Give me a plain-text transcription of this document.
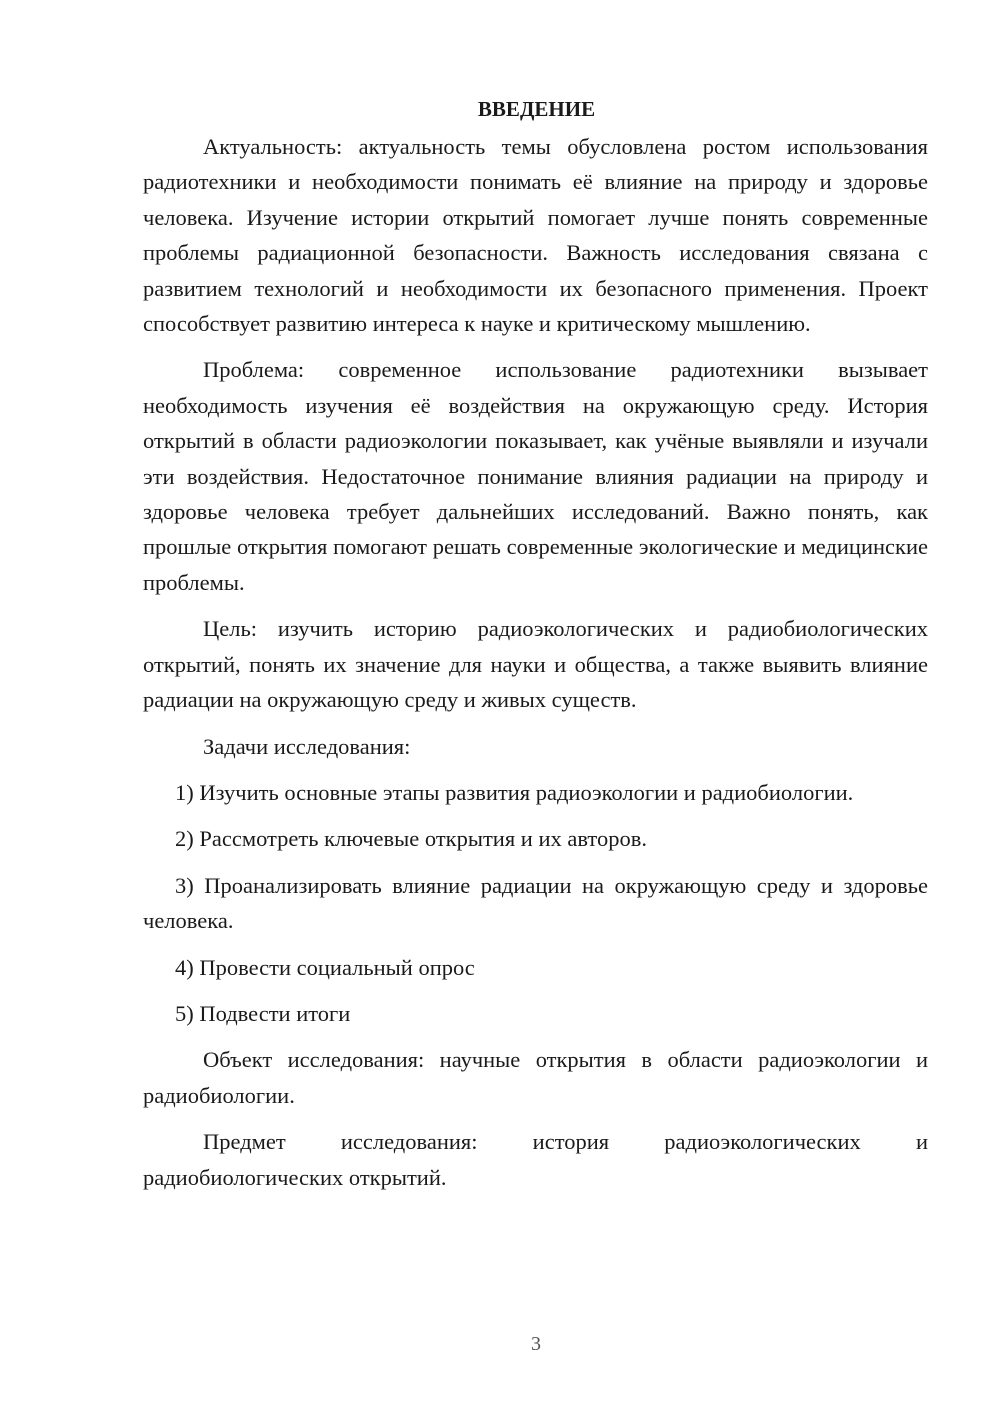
ВВЕДЕНИЕ

Актуальность: актуальность темы обусловлена ростом использования радиотехники и необходимости понимать её влияние на природу и здоровье человека. Изучение истории открытий помогает лучше понять современные проблемы радиационной безопасности. Важность исследования связана с развитием технологий и необходимости их безопасного применения. Проект способствует развитию интереса к науке и критическому мышлению.

Проблема: современное использование радиотехники вызывает необходимость изучения её воздействия на окружающую среду. История открытий в области радиоэкологии показывает, как учёные выявляли и изучали эти воздействия. Недостаточное понимание влияния радиации на природу и здоровье человека требует дальнейших исследований. Важно понять, как прошлые открытия помогают решать современные экологические и медицинские проблемы.

Цель: изучить историю радиоэкологических и радиобиологических открытий, понять их значение для науки и общества, а также выявить влияние радиации на окружающую среду и живых существ.

Задачи исследования:

1) Изучить основные этапы развития радиоэкологии и радиобиологии.

2) Рассмотреть ключевые открытия и их авторов.

3) Проанализировать влияние радиации на окружающую среду и здоровье человека.

4) Провести социальный опрос

5) Подвести итоги

Объект исследования: научные открытия в области радиоэкологии и радиобиологии.

Предмет исследования: история радиоэкологических и радиобиологических открытий.

3
